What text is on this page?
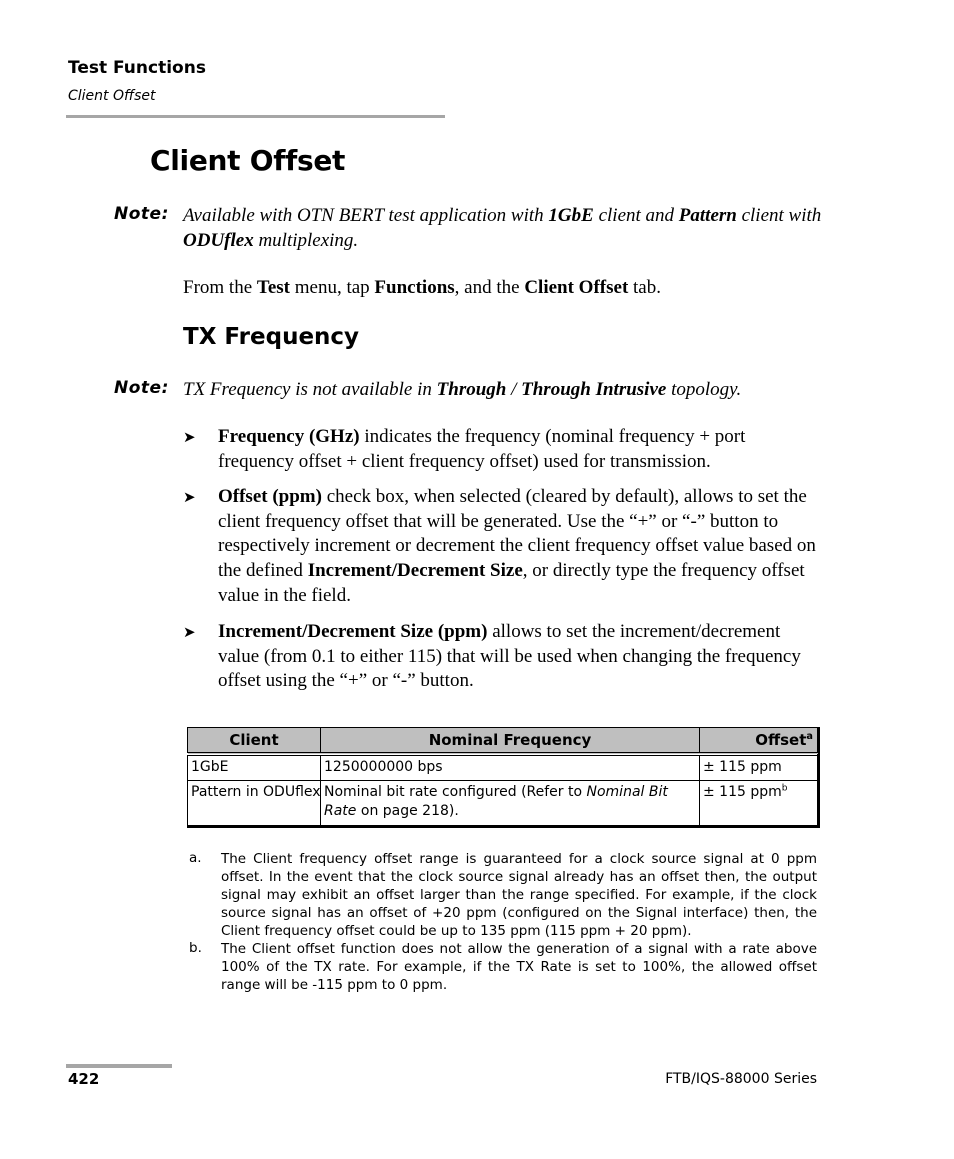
Test Functions
Client Offset
Client Offset
Note: Available with OTN BERT test application with 1GbE client and Pattern client with ODUflex multiplexing.
From the Test menu, tap Functions, and the Client Offset tab.
TX Frequency
Note: TX Frequency is not available in Through / Through Intrusive topology.
➤ Frequency (GHz) indicates the frequency (nominal frequency + port frequency offset + client frequency offset) used for transmission.
➤ Offset (ppm) check box, when selected (cleared by default), allows to set the client frequency offset that will be generated. Use the “+” or “-” button to respectively increment or decrement the client frequency offset value based on the defined Increment/Decrement Size, or directly type the frequency offset value in the field.
➤ Increment/Decrement Size (ppm) allows to set the increment/decrement value (from 0.1 to either 115) that will be used when changing the frequency offset using the “+” or “-” button.
Client	Nominal Frequency	Offset$^a$
1GbE	1250000000 bps	± 115 ppm
Pattern in ODUflex	Nominal bit rate configured (Refer to Nominal Bit Rate on page 218).	± 115 ppm$^b$
a. The Client frequency offset range is guaranteed for a clock source signal at 0 ppm offset. In the event that the clock source signal already has an offset then, the output signal may exhibit an offset larger than the range specified. For example, if the clock source signal has an offset of +20 ppm (configured on the Signal interface) then, the Client frequency offset could be up to 135 ppm (115 ppm + 20 ppm).
b. The Client offset function does not allow the generation of a signal with a rate above 100% of the TX rate. For example, if the TX Rate is set to 100%, the allowed offset range will be -115 ppm to 0 ppm.
422	FTB/IQS-88000 Series
